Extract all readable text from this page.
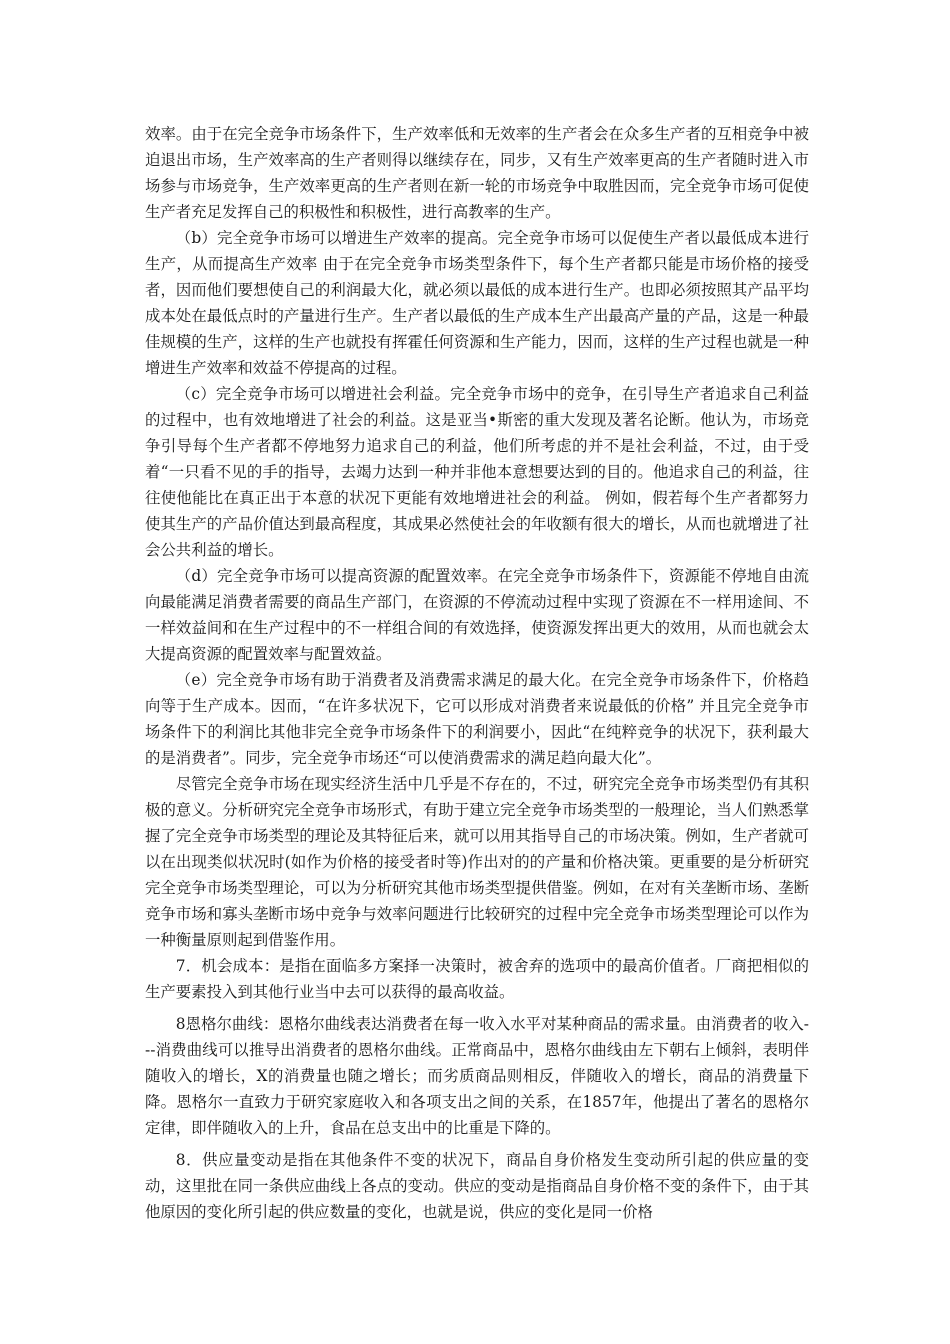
效率。由于在完全竞争市场条件下，生产效率低和无效率的生产者会在众多生产者的互相竞争中被迫退出市场，生产效率高的生产者则得以继续存在，同步，又有生产效率更高的生产者随时进入市场参与市场竞争，生产效率更高的生产者则在新一轮的市场竞争中取胜因而，完全竞争市场可促使生产者充足发挥自己的积极性和积极性，进行高教率的生产。

（b）完全竞争市场可以增进生产效率的提高。完全竞争市场可以促使生产者以最低成本进行生产，从而提高生产效率 由于在完全竞争市场类型条件下，每个生产者都只能是市场价格的接受者，因而他们要想使自己的利润最大化，就必须以最低的成本进行生产。也即必须按照其产品平均成本处在最低点时的产量进行生产。生产者以最低的生产成本生产出最高产量的产品，这是一种最佳规模的生产，这样的生产也就投有挥霍任何资源和生产能力，因而，这样的生产过程也就是一种增进生产效率和效益不停提高的过程。

（c）完全竞争市场可以增进社会利益。完全竞争市场中的竞争，在引导生产者追求自己利益的过程中，也有效地增进了社会的利益。这是亚当•斯密的重大发现及著名论断。他认为，市场竞争引导每个生产者都不停地努力追求自己的利益，他们所考虑的并不是社会利益，不过，由于受着“一只看不见的手的指导，去竭力达到一种并非他本意想要达到的目的。他追求自己的利益，往往使他能比在真正出于本意的状况下更能有效地增进社会的利益。 例如，假若每个生产者都努力使其生产的产品价值达到最高程度，其成果必然使社会的年收额有很大的增长，从而也就增进了社会公共利益的增长。

（d）完全竞争市场可以提高资源的配置效率。在完全竞争市场条件下，资源能不停地自由流向最能满足消费者需要的商品生产部门，在资源的不停流动过程中实现了资源在不一样用途间、不一样效益间和在生产过程中的不一样组合间的有效选择，使资源发挥出更大的效用，从而也就会太大提高资源的配置效率与配置效益。

（e）完全竞争市场有助于消费者及消费需求满足的最大化。在完全竞争市场条件下，价格趋向等于生产成本。因而，“在许多状况下，它可以形成对消费者来说最低的价格” 并且完全竞争市场条件下的利润比其他非完全竞争市场条件下的利润要小，因此“在纯粹竞争的状况下，获利最大的是消费者”。同步，完全竞争市场还“可以使消费需求的满足趋向最大化”。

尽管完全竞争市场在现实经济生活中几乎是不存在的，不过，研究完全竞争市场类型仍有其积极的意义。分析研究完全竞争市场形式，有助于建立完全竞争市场类型的一般理论，当人们熟悉掌握了完全竞争市场类型的理论及其特征后来，就可以用其指导自己的市场决策。例如，生产者就可以在出现类似状况时(如作为价格的接受者时等)作出对的的产量和价格决策。更重要的是分析研究完全竞争市场类型理论，可以为分析研究其他市场类型提供借鉴。例如，在对有关垄断市场、垄断竞争市场和寡头垄断市场中竞争与效率问题进行比较研究的过程中完全竞争市场类型理论可以作为一种衡量原则起到借鉴作用。

7．机会成本：是指在面临多方案择一决策时，被舍弃的选项中的最高价值者。厂商把相似的生产要素投入到其他行业当中去可以获得的最高收益。

8恩格尔曲线：恩格尔曲线表达消费者在每一收入水平对某种商品的需求量。由消费者的收入---消费曲线可以推导出消费者的恩格尔曲线。正常商品中，恩格尔曲线由左下朝右上倾斜，表明伴随收入的增长，X的消费量也随之增长；而劣质商品则相反，伴随收入的增长，商品的消费量下降。恩格尔一直致力于研究家庭收入和各项支出之间的关系，在1857年，他提出了著名的恩格尔定律，即伴随收入的上升，食品在总支出中的比重是下降的。

8．供应量变动是指在其他条件不变的状况下，商品自身价格发生变动所引起的供应量的变动，这里批在同一条供应曲线上各点的变动。供应的变动是指商品自身价格不变的条件下，由于其他原因的变化所引起的供应数量的变化，也就是说，供应的变化是同一价格
